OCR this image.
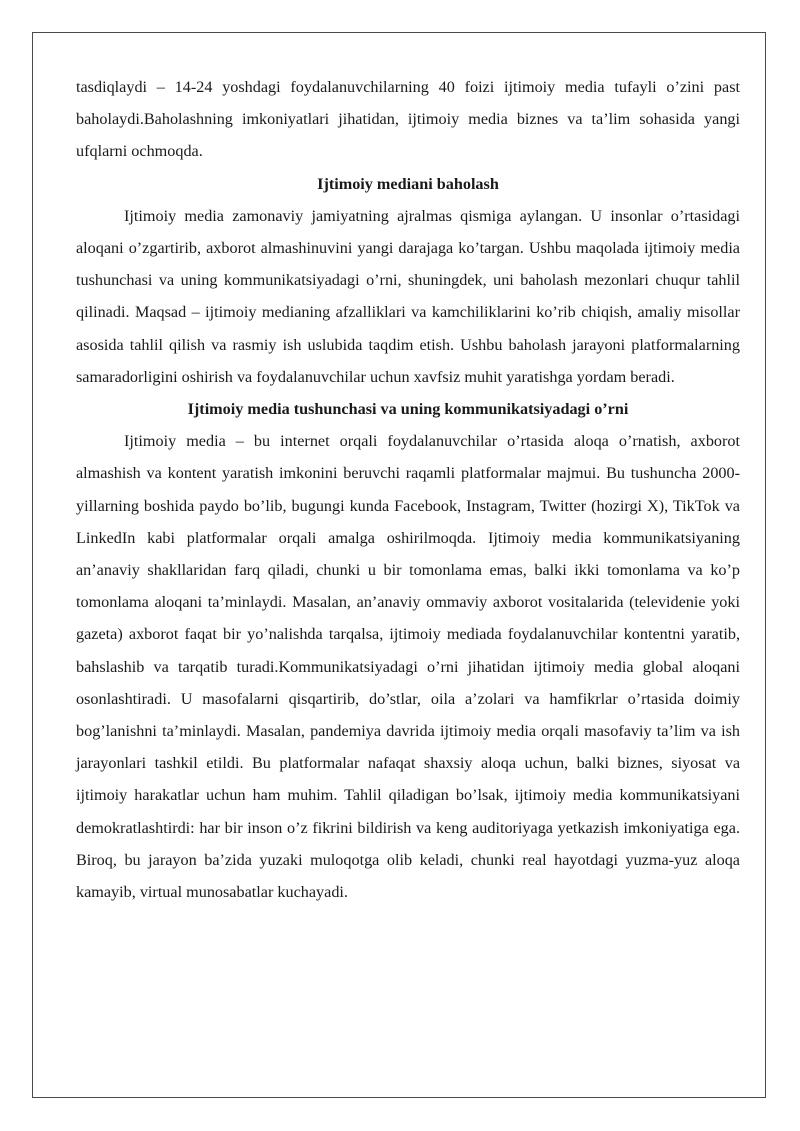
tasdiqlaydi – 14-24 yoshdagi foydalanuvchilarning 40 foizi ijtimoiy media tufayli o’zini past baholaydi.Baholashning imkoniyatlari jihatidan, ijtimoiy media biznes va ta’lim sohasida yangi ufqlarni ochmoqda.

Ijtimoiy mediani baholash

Ijtimoiy media zamonaviy jamiyatning ajralmas qismiga aylangan. U insonlar o’rtasidagi aloqani o’zgartirib, axborot almashinuvini yangi darajaga ko’targan. Ushbu maqolada ijtimoiy media tushunchasi va uning kommunikatsiyadagi o’rni, shuningdek, uni baholash mezonlari chuqur tahlil qilinadi. Maqsad – ijtimoiy medianing afzalliklari va kamchiliklarini ko’rib chiqish, amaliy misollar asosida tahlil qilish va rasmiy ish uslubida taqdim etish. Ushbu baholash jarayoni platformalarning samaradorligini oshirish va foydalanuvchilar uchun xavfsiz muhit yaratishga yordam beradi.

Ijtimoiy media tushunchasi va uning kommunikatsiyadagi o’rni

Ijtimoiy media – bu internet orqali foydalanuvchilar o’rtasida aloqa o’rnatish, axborot almashish va kontent yaratish imkonini beruvchi raqamli platformalar majmui. Bu tushuncha 2000-yillarning boshida paydo bo’lib, bugungi kunda Facebook, Instagram, Twitter (hozirgi X), TikTok va LinkedIn kabi platformalar orqali amalga oshirilmoqda. Ijtimoiy media kommunikatsiyaning an’anaviy shakllaridan farq qiladi, chunki u bir tomonlama emas, balki ikki tomonlama va ko’p tomonlama aloqani ta’minlaydi. Masalan, an’anaviy ommaviy axborot vositalarida (televidenie yoki gazeta) axborot faqat bir yo’nalishda tarqalsa, ijtimoiy mediada foydalanuvchilar kontentni yaratib, bahslashib va tarqatib turadi.Kommunikatsiyadagi o’rni jihatidan ijtimoiy media global aloqani osonlashtiradi. U masofalarni qisqartirib, do’stlar, oila a’zolari va hamfikrlar o’rtasida doimiy bog’lanishni ta’minlaydi. Masalan, pandemiya davrida ijtimoiy media orqali masofaviy ta’lim va ish jarayonlari tashkil etildi. Bu platformalar nafaqat shaxsiy aloqa uchun, balki biznes, siyosat va ijtimoiy harakatlar uchun ham muhim. Tahlil qiladigan bo’lsak, ijtimoiy media kommunikatsiyani demokratlashtirdi: har bir inson o’z fikrini bildirish va keng auditoriyaga yetkazish imkoniyatiga ega. Biroq, bu jarayon ba’zida yuzaki muloqotga olib keladi, chunki real hayotdagi yuzma-yuz aloqa kamayib, virtual munosabatlar kuchayadi.
